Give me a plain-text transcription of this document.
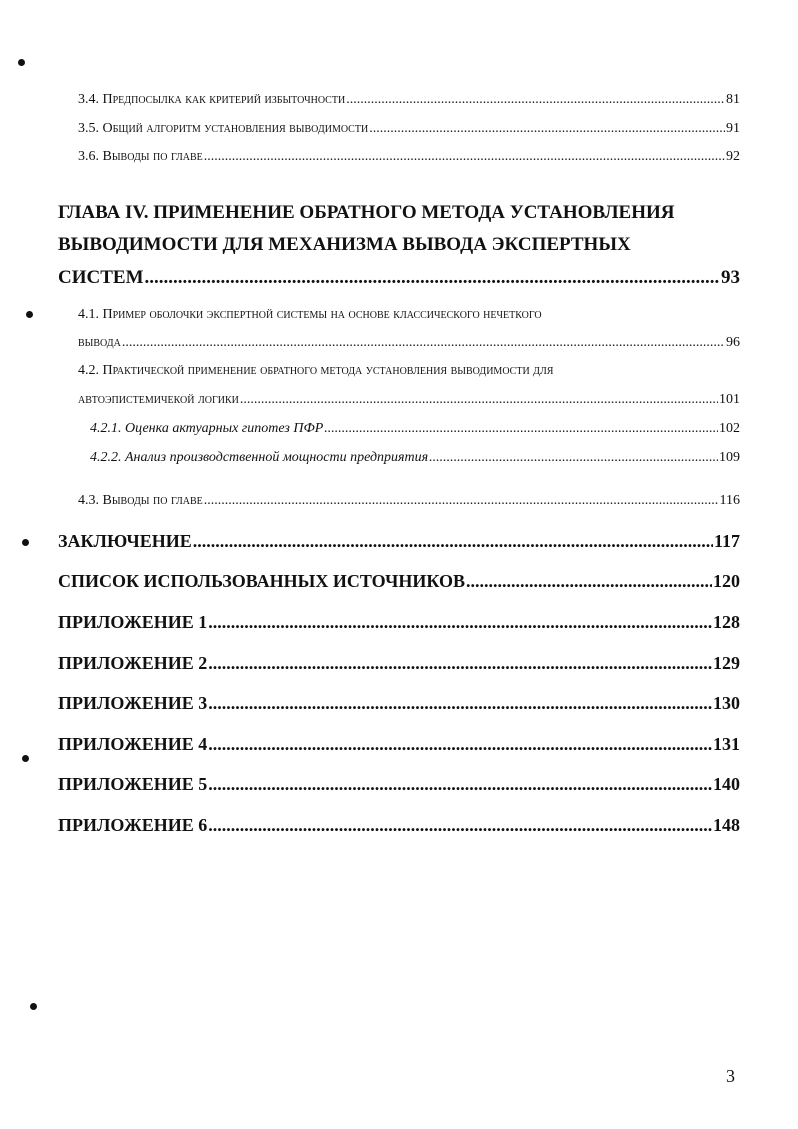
3.4. Предпосылка как критерий избыточности .....	81
3.5. Общий алгоритм установления выводимости .....	91
3.6. Выводы по главе .....	92
ГЛАВА IV. ПРИМЕНЕНИЕ ОБРАТНОГО МЕТОДА УСТАНОВЛЕНИЯ
ВЫВОДИМОСТИ ДЛЯ МЕХАНИЗМА ВЫВОДА ЭКСПЕРТНЫХ
СИСТЕМ .....	93
4.1. Пример оболочки экспертной системы на основе классического нечеткого
вывода .....	96
4.2. Практической применение обратного метода установления выводимости для
автоэпистемичекой логики .....	101
4.2.1. Оценка актуарных гипотез ПФР .....	102
4.2.2. Анализ производственной мощности предприятия .....	109
4.3. Выводы по главе .....	116
ЗАКЛЮЧЕНИЕ .....	117
СПИСОК ИСПОЛЬЗОВАННЫХ ИСТОЧНИКОВ .....	120
ПРИЛОЖЕНИЕ 1 .....	128
ПРИЛОЖЕНИЕ 2 .....	129
ПРИЛОЖЕНИЕ 3 .....	130
ПРИЛОЖЕНИЕ 4 .....	131
ПРИЛОЖЕНИЕ 5 .....	140
ПРИЛОЖЕНИЕ 6 .....	148
3
